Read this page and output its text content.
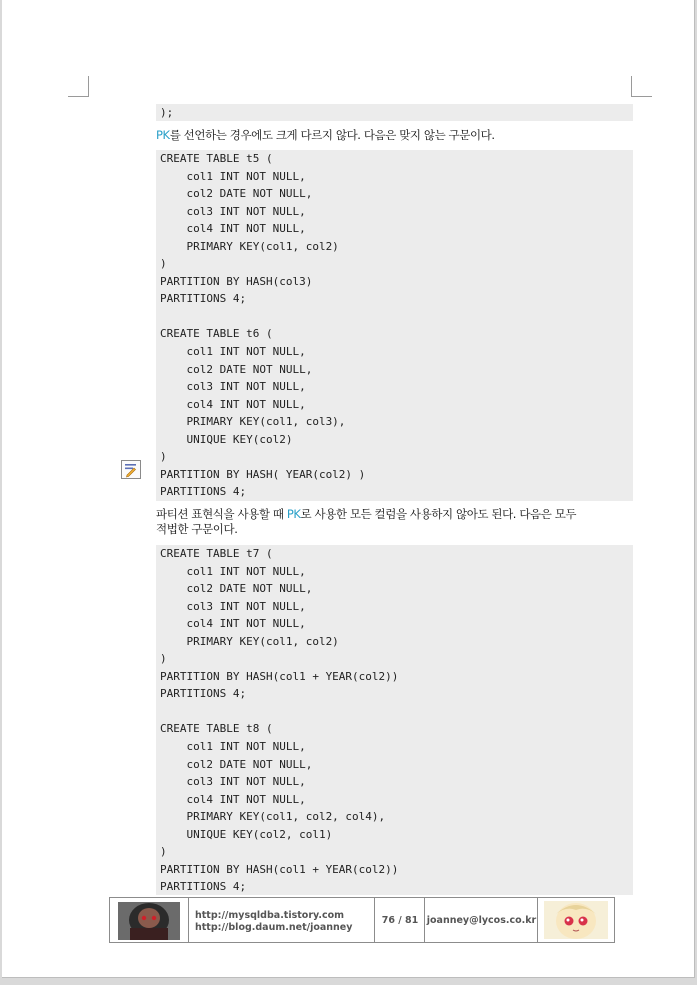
);
PK를 선언하는 경우에도 크게 다르지 않다. 다음은 맞지 않는 구문이다.
CREATE TABLE t5 (
col1 INT NOT NULL,
col2 DATE NOT NULL,
col3 INT NOT NULL,
col4 INT NOT NULL,
PRIMARY KEY(col1, col2)
)
PARTITION BY HASH(col3)
PARTITIONS 4;

CREATE TABLE t6 (
col1 INT NOT NULL,
col2 DATE NOT NULL,
col3 INT NOT NULL,
col4 INT NOT NULL,
PRIMARY KEY(col1, col3),
UNIQUE KEY(col2)
)
PARTITION BY HASH( YEAR(col2) )
PARTITIONS 4;
파티션 표현식을 사용할 때 PK로 사용한 모든 컬럼을 사용하지 않아도 된다. 다음은 모두
적법한 구문이다.
CREATE TABLE t7 (
col1 INT NOT NULL,
col2 DATE NOT NULL,
col3 INT NOT NULL,
col4 INT NOT NULL,
PRIMARY KEY(col1, col2)
)
PARTITION BY HASH(col1 + YEAR(col2))
PARTITIONS 4;

CREATE TABLE t8 (
col1 INT NOT NULL,
col2 DATE NOT NULL,
col3 INT NOT NULL,
col4 INT NOT NULL,
PRIMARY KEY(col1, col2, col4),
UNIQUE KEY(col2, col1)
)
PARTITION BY HASH(col1 + YEAR(col2))
PARTITIONS 4;
http://mysqldba.tistory.com
http://blog.daum.net/joanney
76 / 81 joanney@lycos.co.kr
